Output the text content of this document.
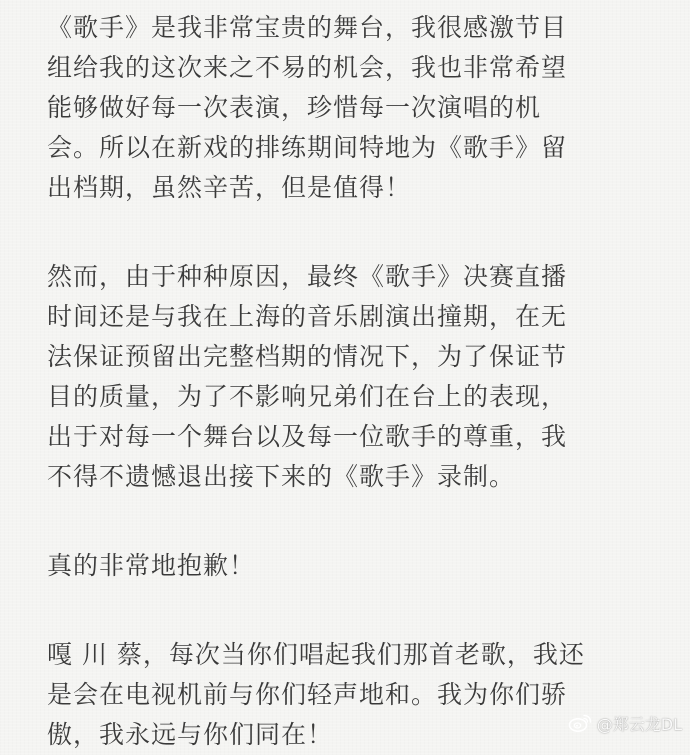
《歌手》是我非常宝贵的舞台，我很感激节目
组给我的这次来之不易的机会，我也非常希望
能够做好每一次表演，珍惜每一次演唱的机
会。所以在新戏的排练期间特地为《歌手》留
出档期，虽然辛苦，但是值得！

然而，由于种种原因，最终《歌手》决赛直播
时间还是与我在上海的音乐剧演出撞期，在无
法保证预留出完整档期的情况下，为了保证节
目的质量，为了不影响兄弟们在台上的表现，
出于对每一个舞台以及每一位歌手的尊重，我
不得不遗憾退出接下来的《歌手》录制。

真的非常地抱歉！

嘎 川 蔡，每次当你们唱起我们那首老歌，我还
是会在电视机前与你们轻声地和。我为你们骄
傲，我永远与你们同在！	@郑云龙DL
